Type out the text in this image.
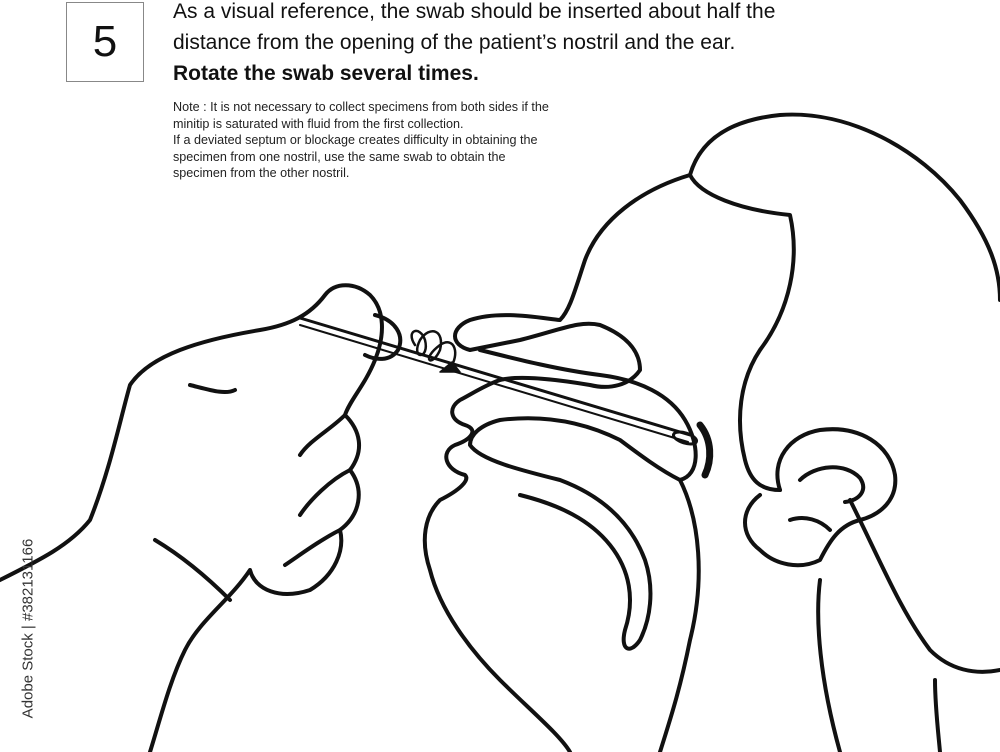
5
As a visual reference, the swab should be inserted about half the
distance from the opening of the patient’s nostril and the ear.
Rotate the swab several times.
Note : It is not necessary to collect specimens from both sides if the
minitip is saturated with fluid from the first collection.
If a deviated septum or blockage creates difficulty in obtaining the
specimen from one nostril, use the same swab to obtain the
specimen from the other nostril.
Adobe Stock | #382131166
